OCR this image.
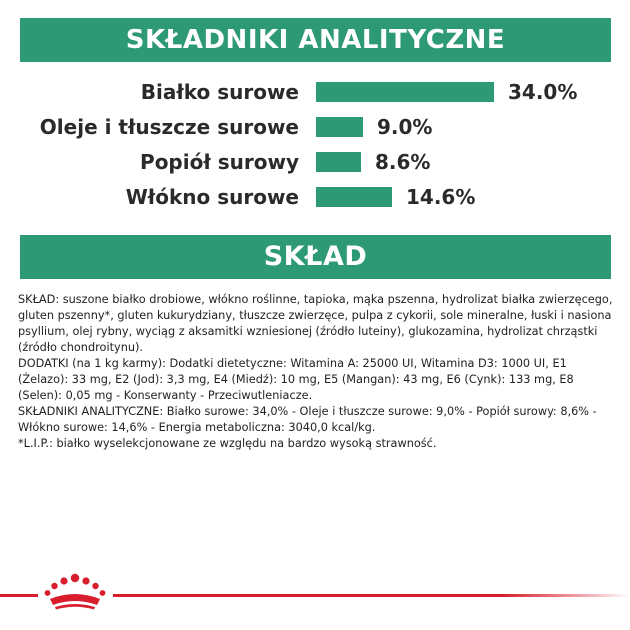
SKŁADNIKI ANALITYCZNE
Białko surowe	34.0%
Oleje i tłuszcze surowe	9.0%
Popiół surowy	8.6%
Włókno surowe	14.6%
SKŁAD

SKŁAD: suszone białko drobiowe, włókno roślinne, tapioka, mąka pszenna, hydrolizat białka zwierzęcego, gluten pszenny*, gluten kukurydziany, tłuszcze zwierzęce, pulpa z cykorii, sole mineralne, łuski i nasiona psyllium, olej rybny, wyciąg z aksamitki wzniesionej (źródło luteiny), glukozamina, hydrolizat chrząstki (źródło chondroitynu).

DODATKI (na 1 kg karmy): Dodatki dietetyczne: Witamina A: 25000 UI, Witamina D3: 1000 UI, E1 (Żelazo): 33 mg, E2 (Jod): 3,3 mg, E4 (Miedź): 10 mg, E5 (Mangan): 43 mg, E6 (Cynk): 133 mg, E8 (Selen): 0,05 mg - Konserwanty - Przeciwutleniacze.

SKŁADNIKI ANALITYCZNE: Białko surowe: 34,0% - Oleje i tłuszcze surowe: 9,0% - Popiół surowy: 8,6% - Włókno surowe: 14,6% - Energia metaboliczna: 3040,0 kcal/kg.

*L.I.P.: białko wyselekcjonowane ze względu na bardzo wysoką strawność.
